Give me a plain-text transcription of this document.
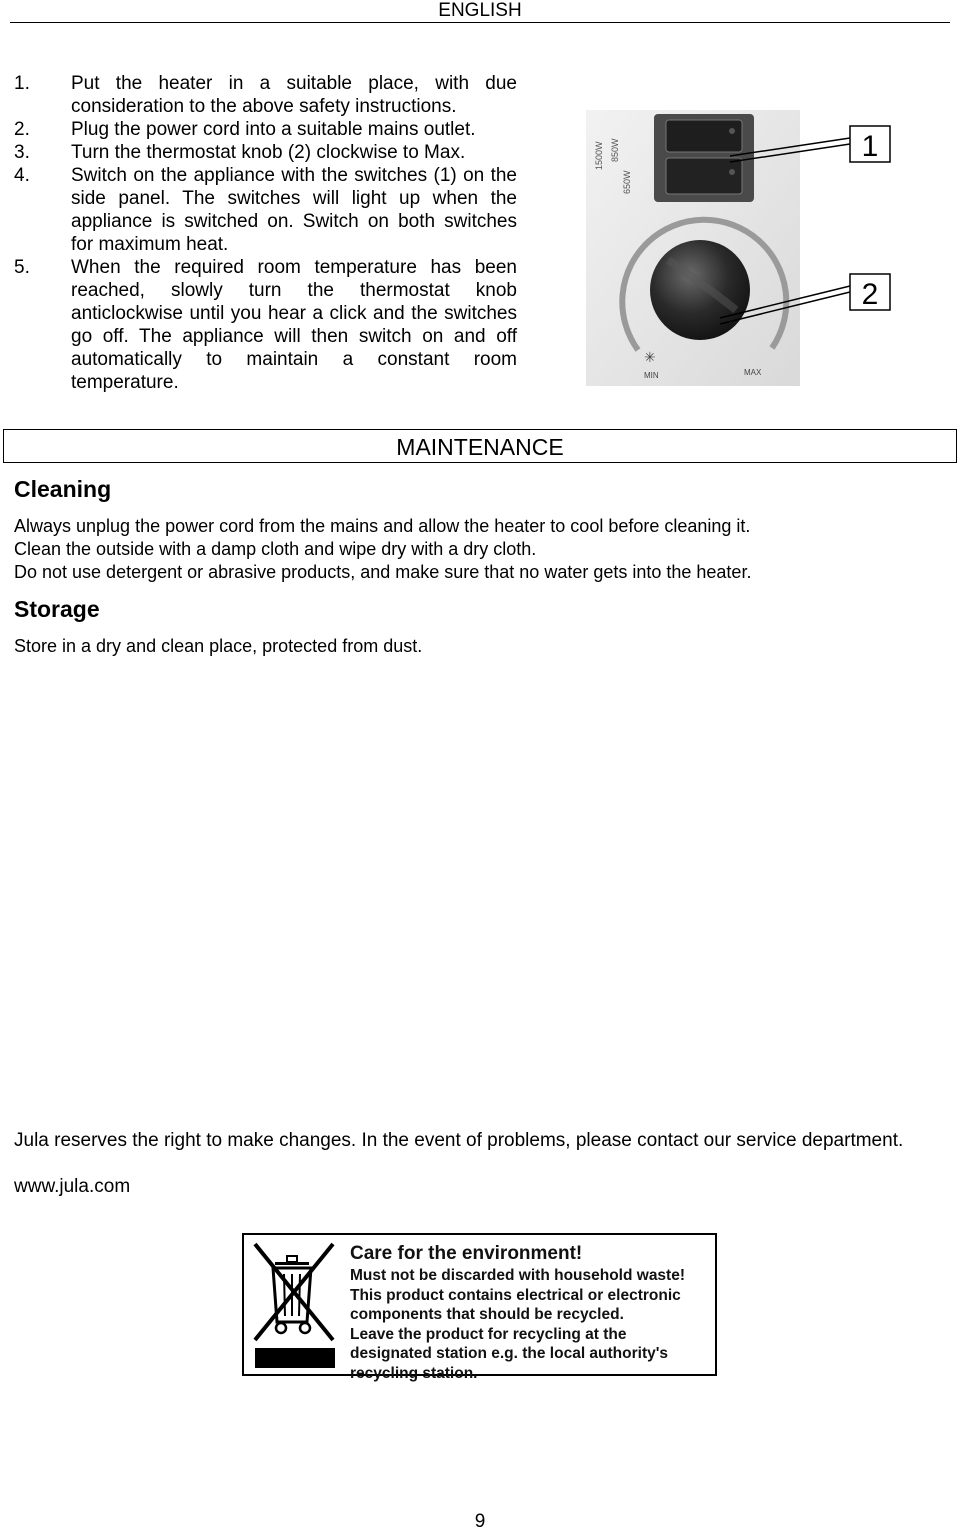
ENGLISH
1. Put the heater in a suitable place, with due consideration to the above safety instructions.
2. Plug the power cord into a suitable mains outlet.
3. Turn the thermostat knob (2) clockwise to Max.
4. Switch on the appliance with the switches (1) on the side panel. The switches will light up when the appliance is switched on. Switch on both switches for maximum heat.
5. When the required room temperature has been reached, slowly turn the thermostat knob anticlockwise until you hear a click and the switches go off. The appliance will then switch on and off automatically to maintain a constant room temperature.
1500W 850W
650W
✳
MIN	MAX
1
2
MAINTENANCE
Cleaning
Always unplug the power cord from the mains and allow the heater to cool before cleaning it.
Clean the outside with a damp cloth and wipe dry with a dry cloth.
Do not use detergent or abrasive products, and make sure that no water gets into the heater.
Storage
Store in a dry and clean place, protected from dust.
Jula reserves the right to make changes. In the event of problems, please contact our service department.
www.jula.com
Care for the environment!
Must not be discarded with household waste!
This product contains electrical or electronic components that should be recycled.
Leave the product for recycling at the designated station e.g. the local authority's recycling station.
9
